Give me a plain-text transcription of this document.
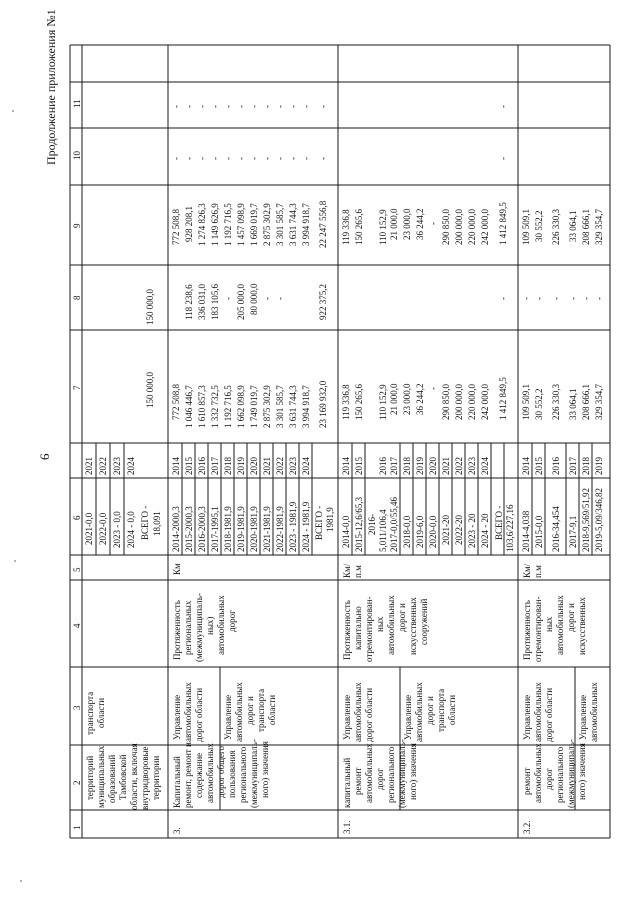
6
Продолжение приложения №1
1
2
3
4
5
6
7
8
9
10
11
территорий муниципальных образований Тамбовской области, включая внутридворовые территории
транспорта области
2021-0,0 2022-0,0 2023 - 0,0 2024 - 0,0
2021 2022 2023 2024
ВСЕГО - 18,091
150 000,0
150 000,0
3.
Капитальный ремонт, ремонт и содержание автомобильных дорог общего пользования регионального (межмуниципаль- ного) значения
Управление автомобильных дорог области Управление автомобильных дорог и транспорта области
Протяженность региональных (межмуниципаль- ных) автомобильных дорог
Км
2014-2000,3 2015-2000,3 2016-2000,3 2017-1995,1 2018-1981,9 2019-1981,9 2020-1981,9 2021-1981,9 2022-1981,9 2023 - 1981,9 2024 - 1981,9
2014 2015 2016 2017 2018 2019 2020 2021 2022 2023 2024
772 508,8 1 046 446,7 1 610 857,3 1 332 732,5 1 192 716,5 1 662 098,9 1 749 019,7 2 875 302,9 3 301 585,7 3 631 744,3 3 994 918,7
118 238,6 336 031,0 183 105,6 - 205 000,0 80 000,0 - -
772 508,8 928 208,1 1 274 826,3 1 149 626,9 1 192 716,5 1 457 098,9 1 669 019,7 2 875 302,9 3 301 585,7 3 631 744,3 3 994 918,7
- - - - - - - - - - -
- - - - - - - - - - -
ВСЕГО - 1981,9
23 169 932,0
922 375,2
22 247 556,8
-
-
3.1.
капитальный ремонт автомобильных дорог регионального (межмуниципаль- ного) значения
Управление автомобильных дорог области	Управление автомобильных дорог и транспорта области
Протяженность капитально отремонтирован- ных автомобильных дорог и искусственных сооружений
Км/ п.м
2014-0,0 2015-12,6/65,3 2016- 5,011/106,4 2017-0,0/55,46 2018-0,0 2019-6,0 2020-0,0 2021-20 2022-20 2023 - 20 2024 - 20
2014 2015 2016 2017 2018 2019 2020 2021 2022 2023 2024
119 336,8 150 265,6 110 152,9 21 000,0 23 000,0 36 244,2 - 290 850,0 200 000,0 220 000,0 242 000,0
119 336,8 150 265,6 110 152,9 21 000,0 23 000,0 36 244,2 - 290 850,0 200 000,0 220 000,0 242 000,0
ВСЕГО - 103,6/227,16
1 412 849,5
-
1 412 849,5
-
-
3.2.
ремонт автомобильных дорог регионального (межмуниципаль- ного) значения
Управление автомобильных дорог области	Управление автомобильных
Протяженность отремонтирован- ных автомобильных дорог и искусственных
Км/ п.м
2014-4,038 2015-0,0 2016-34,454 2017-9,1 2018-9,569/51,92 2019-5,09/346,82
2014 2015 2016 2017 2018 2019
109 509,1 30 552,2 226 330,3 33 064,1 208 666,1 329 354,7
- - - - - -
109 509,1 30 552,2 226 330,3 33 064,1 208 666,1 329 354,7
